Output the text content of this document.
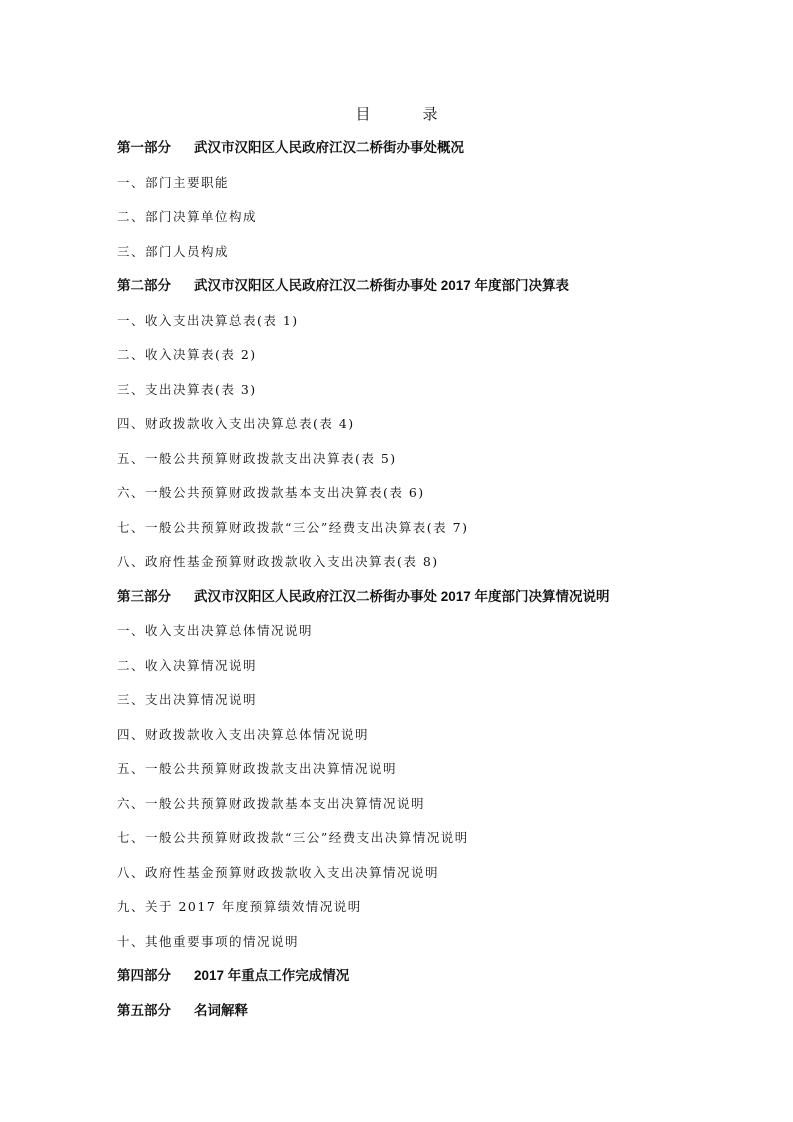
目	录
第一部分 武汉市汉阳区人民政府江汉二桥街办事处概况
一、部门主要职能
二、部门决算单位构成
三、部门人员构成
第二部分 武汉市汉阳区人民政府江汉二桥街办事处 2017 年度部门决算表
一、收入支出决算总表(表 1)
二、收入决算表(表 2)
三、支出决算表(表 3)
四、财政拨款收入支出决算总表(表 4)
五、一般公共预算财政拨款支出决算表(表 5)
六、一般公共预算财政拨款基本支出决算表(表 6)
七、一般公共预算财政拨款“三公”经费支出决算表(表 7)
八、政府性基金预算财政拨款收入支出决算表(表 8)
第三部分 武汉市汉阳区人民政府江汉二桥街办事处 2017 年度部门决算情况说明
一、收入支出决算总体情况说明
二、收入决算情况说明
三、支出决算情况说明
四、财政拨款收入支出决算总体情况说明
五、一般公共预算财政拨款支出决算情况说明
六、一般公共预算财政拨款基本支出决算情况说明
七、一般公共预算财政拨款“三公”经费支出决算情况说明
八、政府性基金预算财政拨款收入支出决算情况说明
九、关于 2017 年度预算绩效情况说明
十、其他重要事项的情况说明
第四部分 2017 年重点工作完成情况
第五部分 名词解释
